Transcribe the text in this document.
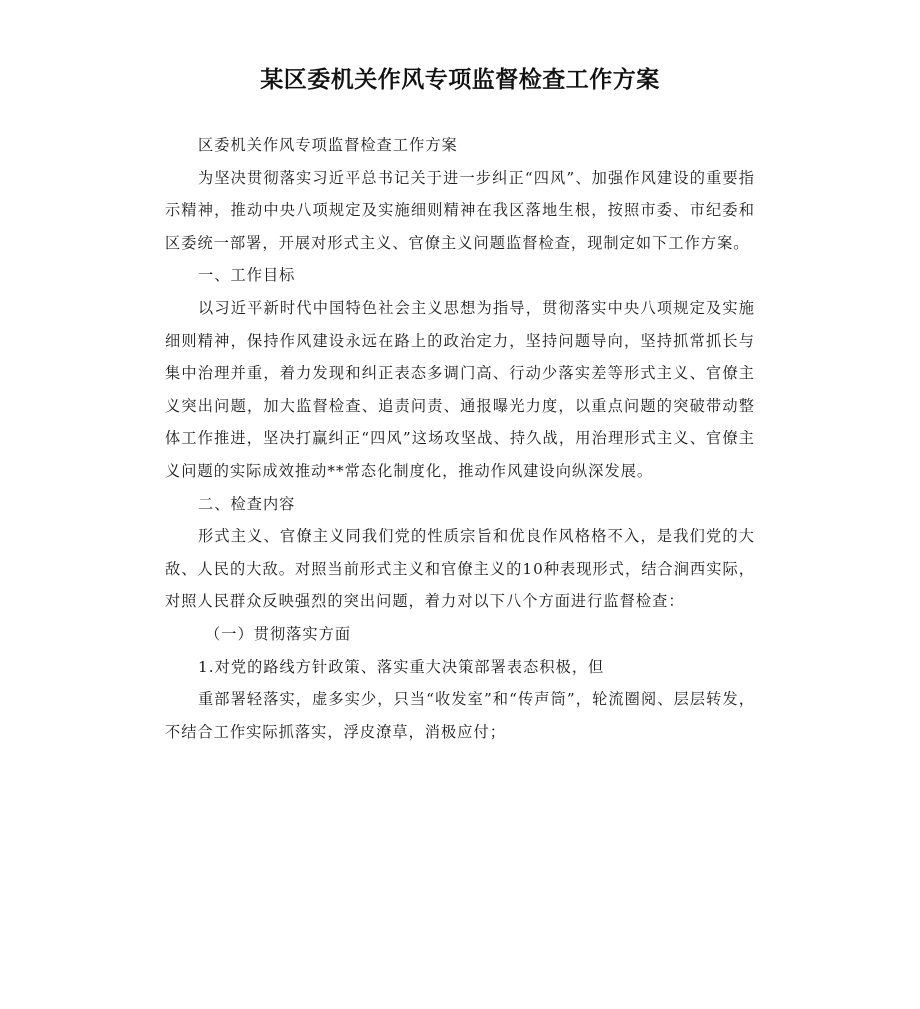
某区委机关作风专项监督检查工作方案

区委机关作风专项监督检查工作方案

为坚决贯彻落实习近平总书记关于进一步纠正“四风”、加强作风建设的重要指示精神，推动中央八项规定及实施细则精神在我区落地生根，按照市委、市纪委和区委统一部署，开展对形式主义、官僚主义问题监督检查，现制定如下工作方案。

一、工作目标

以习近平新时代中国特色社会主义思想为指导，贯彻落实中央八项规定及实施细则精神，保持作风建设永远在路上的政治定力，坚持问题导向，坚持抓常抓长与集中治理并重，着力发现和纠正表态多调门高、行动少落实差等形式主义、官僚主义突出问题，加大监督检查、追责问责、通报曝光力度，以重点问题的突破带动整体工作推进，坚决打赢纠正“四风”这场攻坚战、持久战，用治理形式主义、官僚主义问题的实际成效推动**常态化制度化，推动作风建设向纵深发展。

二、检查内容

形式主义、官僚主义同我们党的性质宗旨和优良作风格格不入，是我们党的大敌、人民的大敌。对照当前形式主义和官僚主义的10种表现形式，结合涧西实际，对照人民群众反映强烈的突出问题，着力对以下八个方面进行监督检查：

（一）贯彻落实方面

1.对党的路线方针政策、落实重大决策部署表态积极，但

重部署轻落实，虚多实少，只当“收发室”和“传声筒”，轮流圈阅、层层转发，不结合工作实际抓落实，浮皮潦草，消极应付；
